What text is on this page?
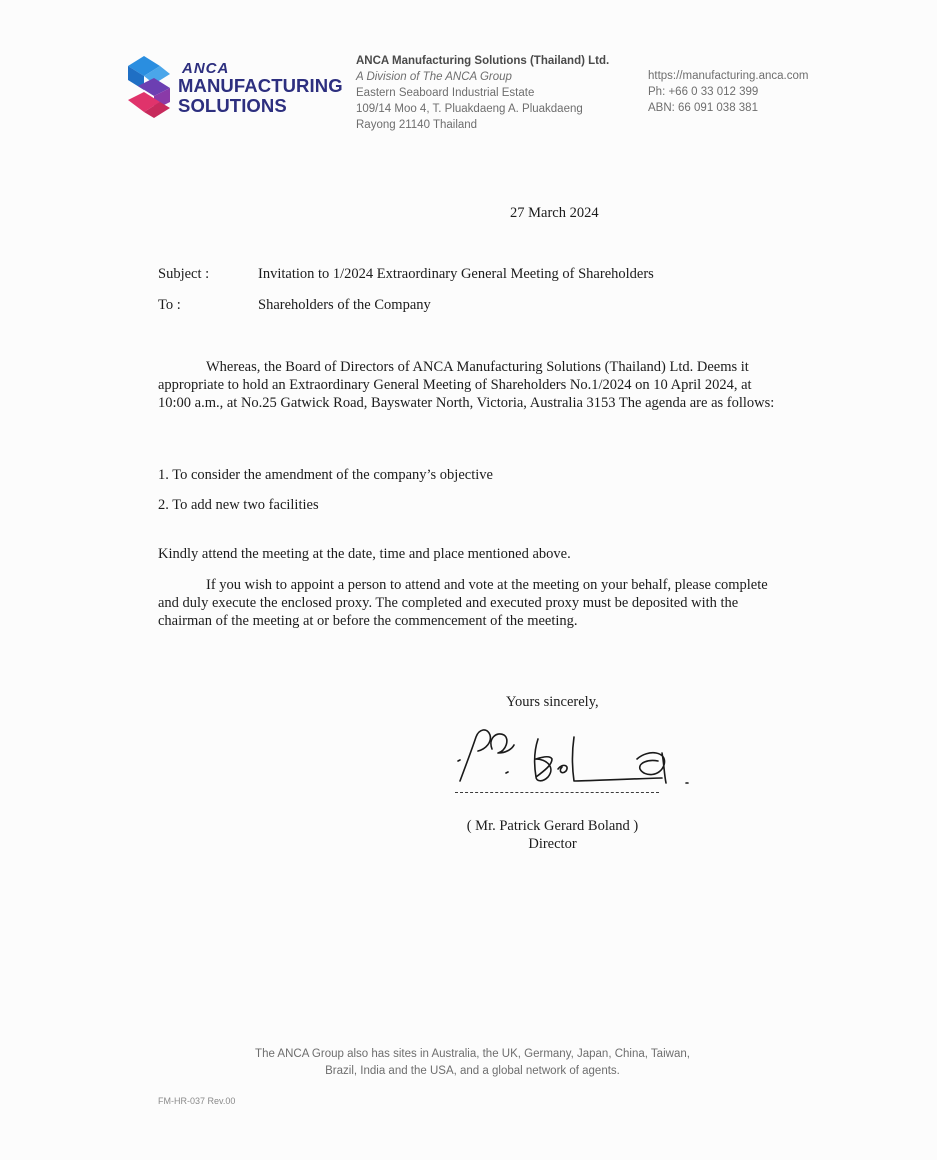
ANCA
MANUFACTURING
SOLUTIONS
ANCA Manufacturing Solutions (Thailand) Ltd.
A Division of The ANCA Group
Eastern Seaboard Industrial Estate
109/14 Moo 4, T. Pluakdaeng A. Pluakdaeng
Rayong 21140 Thailand
https://manufacturing.anca.com
Ph: +66 0 33 012 399
ABN: 66 091 038 381
27 March 2024
Subject :	Invitation to 1/2024 Extraordinary General Meeting of Shareholders
To :	Shareholders of the Company
Whereas, the Board of Directors of ANCA Manufacturing Solutions (Thailand) Ltd. Deems it appropriate to hold an Extraordinary General Meeting of Shareholders No.1/2024 on 10 April 2024, at 10:00 a.m., at No.25 Gatwick Road, Bayswater North, Victoria, Australia 3153 The agenda are as follows:
1. To consider the amendment of the company’s objective
2. To add new two facilities
Kindly attend the meeting at the date, time and place mentioned above.
If you wish to appoint a person to attend and vote at the meeting on your behalf, please complete and duly execute the enclosed proxy. The completed and executed proxy must be deposited with the chairman of the meeting at or before the commencement of the meeting.
Yours sincerely,
( Mr. Patrick Gerard Boland )
Director
The ANCA Group also has sites in Australia, the UK, Germany, Japan, China, Taiwan,
Brazil, India and the USA, and a global network of agents.
FM-HR-037 Rev.00
